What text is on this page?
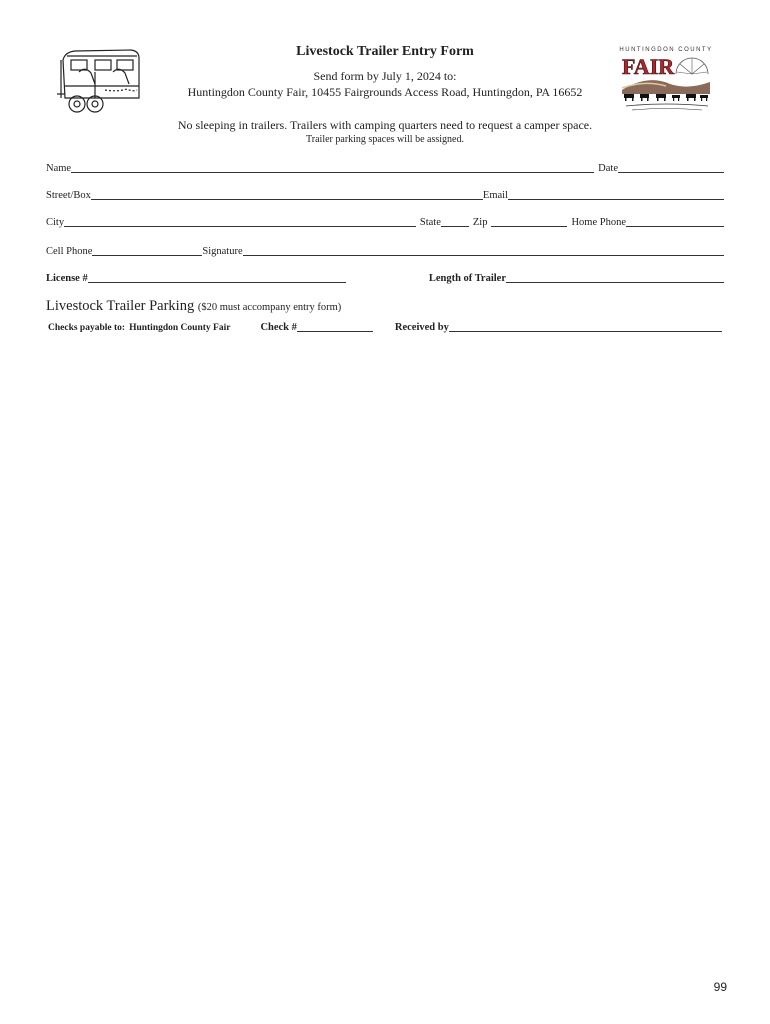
Livestock Trailer Entry Form
Send form by July 1, 2024 to:
Huntingdon County Fair, 10455 Fairgrounds Access Road, Huntingdon, PA 16652
No sleeping in trailers. Trailers with camping quarters need to request a camper space.
Trailer parking spaces will be assigned.
HUNTINGDON COUNTY
FAIR
Name	Date
Street/Box	Email
City	State	Zip	Home Phone
Cell Phone	Signature
License #	Length of Trailer
Livestock Trailer Parking ($20 must accompany entry form)
Checks payable to: Huntingdon County Fair	Check #	Received by
99
